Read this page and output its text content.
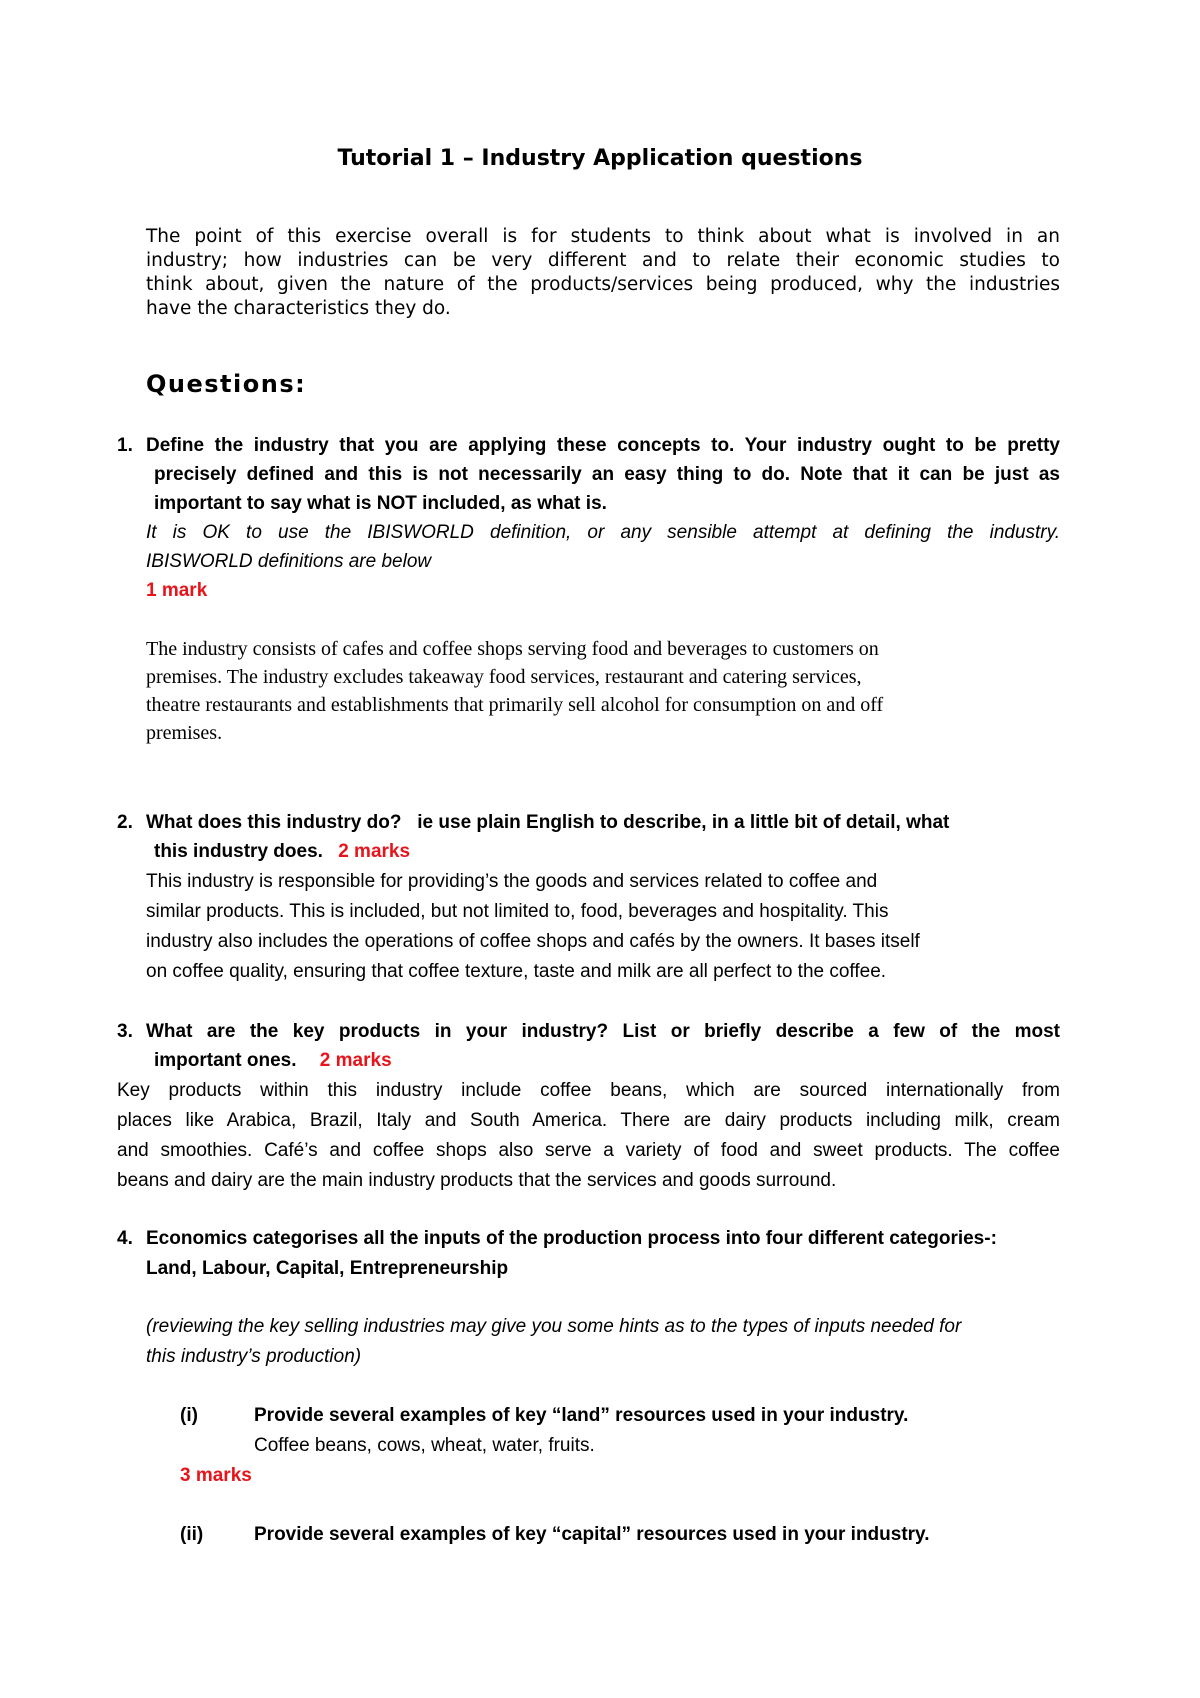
Tutorial 1 – Industry Application questions
The point of this exercise overall is for students to think about what is involved in an
industry; how industries can be very different and to relate their economic studies to
think about, given the nature of the products/services being produced, why the industries
have the characteristics they do.
Questions:
1. Define the industry that you are applying these concepts to. Your industry ought to be pretty
precisely defined and this is not necessarily an easy thing to do. Note that it can be just as
important to say what is NOT included, as what is.
It is OK to use the IBISWORLD definition, or any sensible attempt at defining the industry.
IBISWORLD definitions are below
1 mark
The industry consists of cafes and coffee shops serving food and beverages to customers on
premises. The industry excludes takeaway food services, restaurant and catering services,
theatre restaurants and establishments that primarily sell alcohol for consumption on and off
premises.
2. What does this industry do?   ie use plain English to describe, in a little bit of detail, what
this industry does. 2 marks
This industry is responsible for providing’s the goods and services related to coffee and
similar products. This is included, but not limited to, food, beverages and hospitality. This
industry also includes the operations of coffee shops and cafés by the owners. It bases itself
on coffee quality, ensuring that coffee texture, taste and milk are all perfect to the coffee.
3. What are the key products in your industry? List or briefly describe a few of the most
important ones. 2 marks
Key products within this industry include coffee beans, which are sourced internationally from
places like Arabica, Brazil, Italy and South America. There are dairy products including milk, cream
and smoothies. Café’s and coffee shops also serve a variety of food and sweet products. The coffee
beans and dairy are the main industry products that the services and goods surround.
4. Economics categorises all the inputs of the production process into four different categories-:
Land, Labour, Capital, Entrepreneurship
(reviewing the key selling industries may give you some hints as to the types of inputs needed for
this industry’s production)
(i)	Provide several examples of key “land” resources used in your industry.
Coffee beans, cows, wheat, water, fruits.
3 marks
(ii)	Provide several examples of key “capital” resources used in your industry.
